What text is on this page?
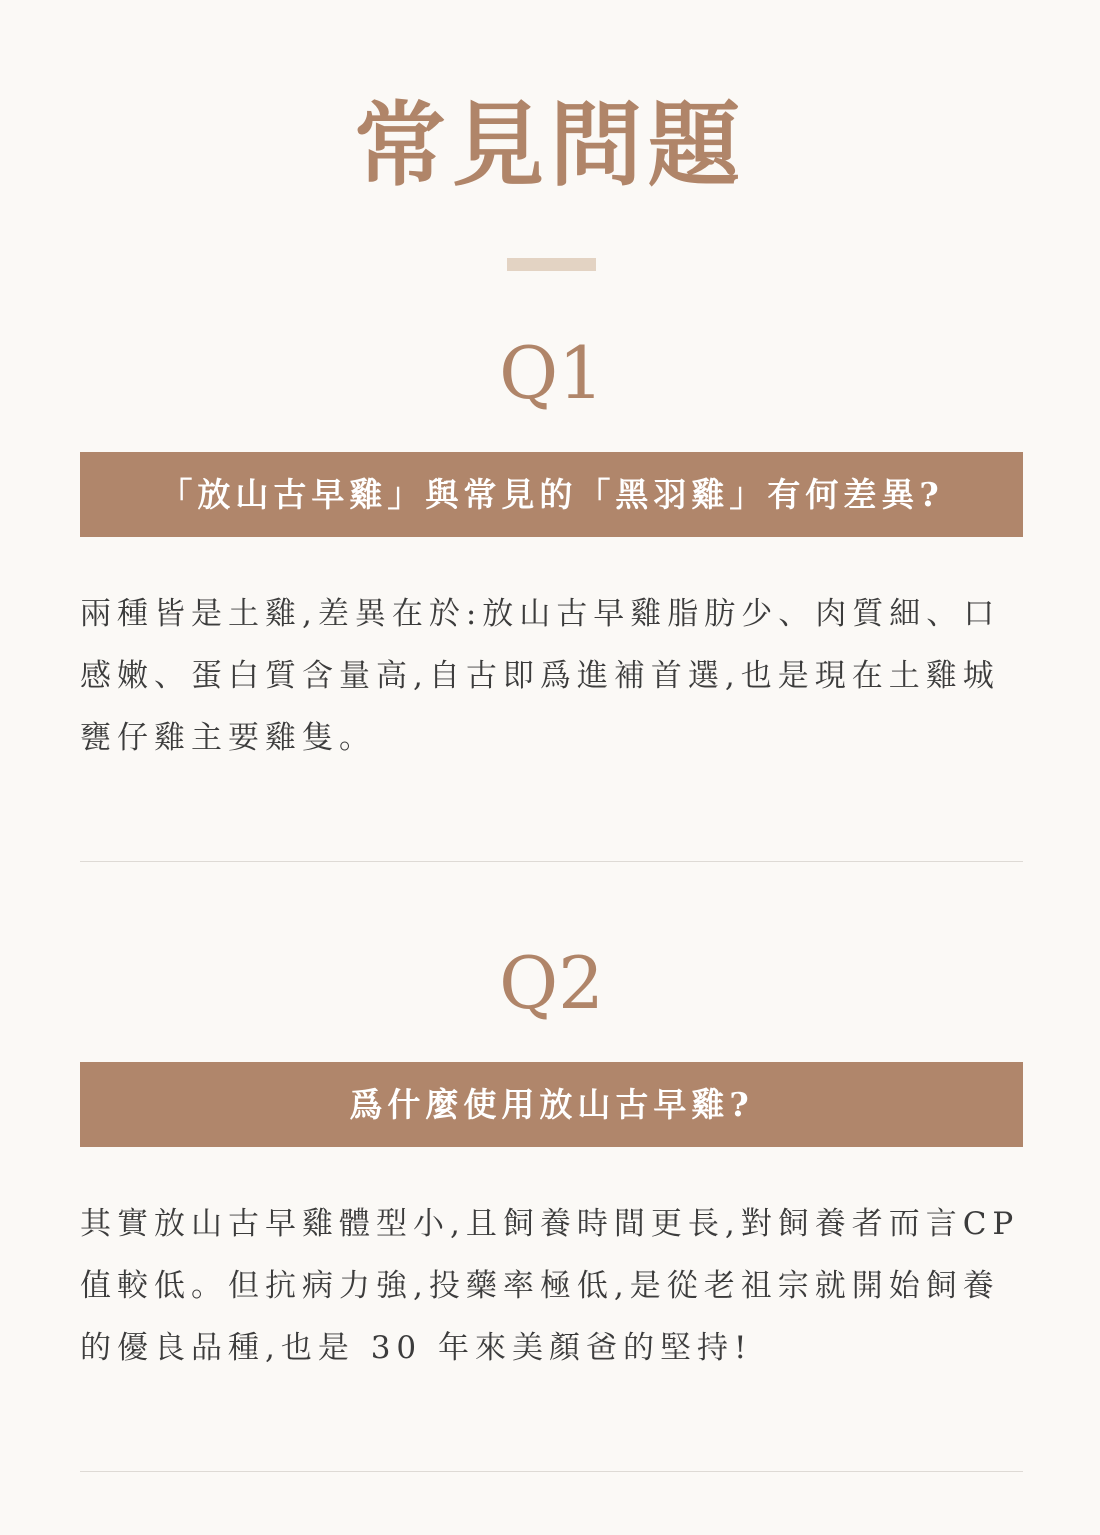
常見問題
Q1
「放山古早雞」與常見的「黑羽雞」有何差異?

兩種皆是土雞,差異在於:放山古早雞脂肪少、肉質細、口感嫩、蛋白質含量高,自古即爲進補首選,也是現在土雞城甕仔雞主要雞隻。

Q2
爲什麼使用放山古早雞?

其實放山古早雞體型小,且飼養時間更長,對飼養者而言CP值較低。但抗病力強,投藥率極低,是從老祖宗就開始飼養的優良品種,也是 30 年來美顏爸的堅持!
